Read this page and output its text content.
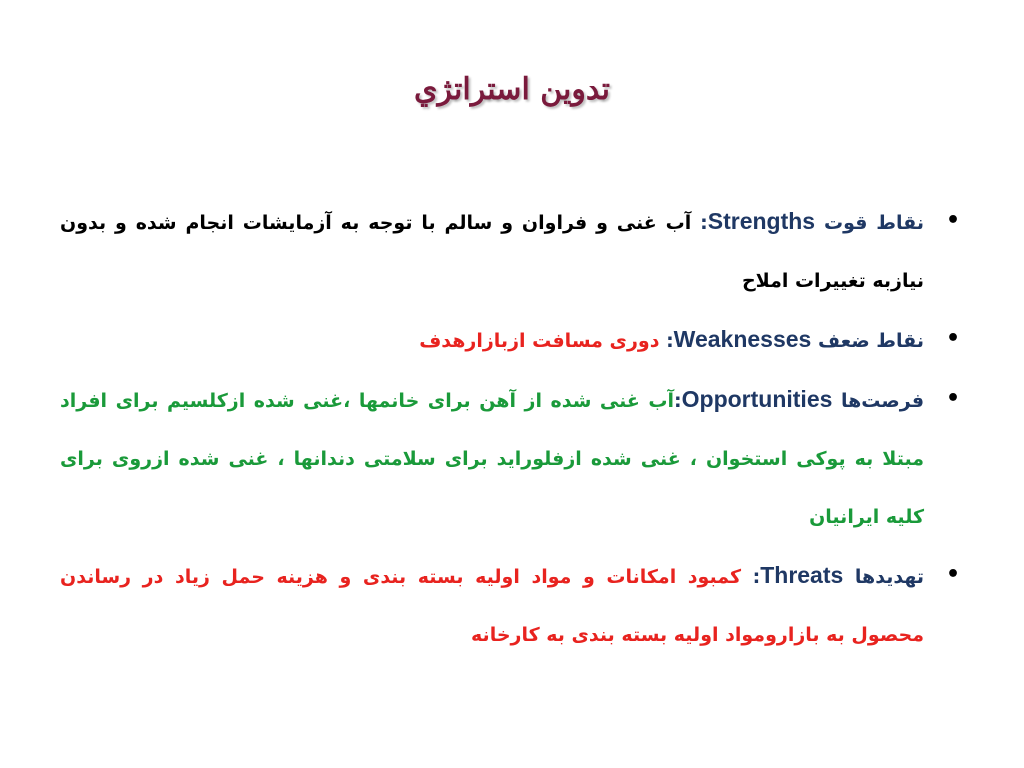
تدوین استراتژي
•
نقاط قوت Strengths: آب غنی و فراوان و سالم با توجه به آزمایشات انجام شده و بدون نیازبه تغییرات املاح
•
نقاط ضعف Weaknesses: دوری مسافت ازبازارهدف
•
فرصت‌ها Opportunities:آب غنی شده از آهن برای خانمها ،غنی شده ازکلسیم برای افراد مبتلا به پوکی استخوان ، غنی شده ازفلوراید برای سلامتی دندانها ، غنی شده ازروی برای کلیه ایرانیان
•
تهدیدها Threats: کمبود امکانات و مواد اولیه بسته بندی و هزینه حمل زیاد در رساندن محصول به بازارومواد اولیه بسته بندی به کارخانه
